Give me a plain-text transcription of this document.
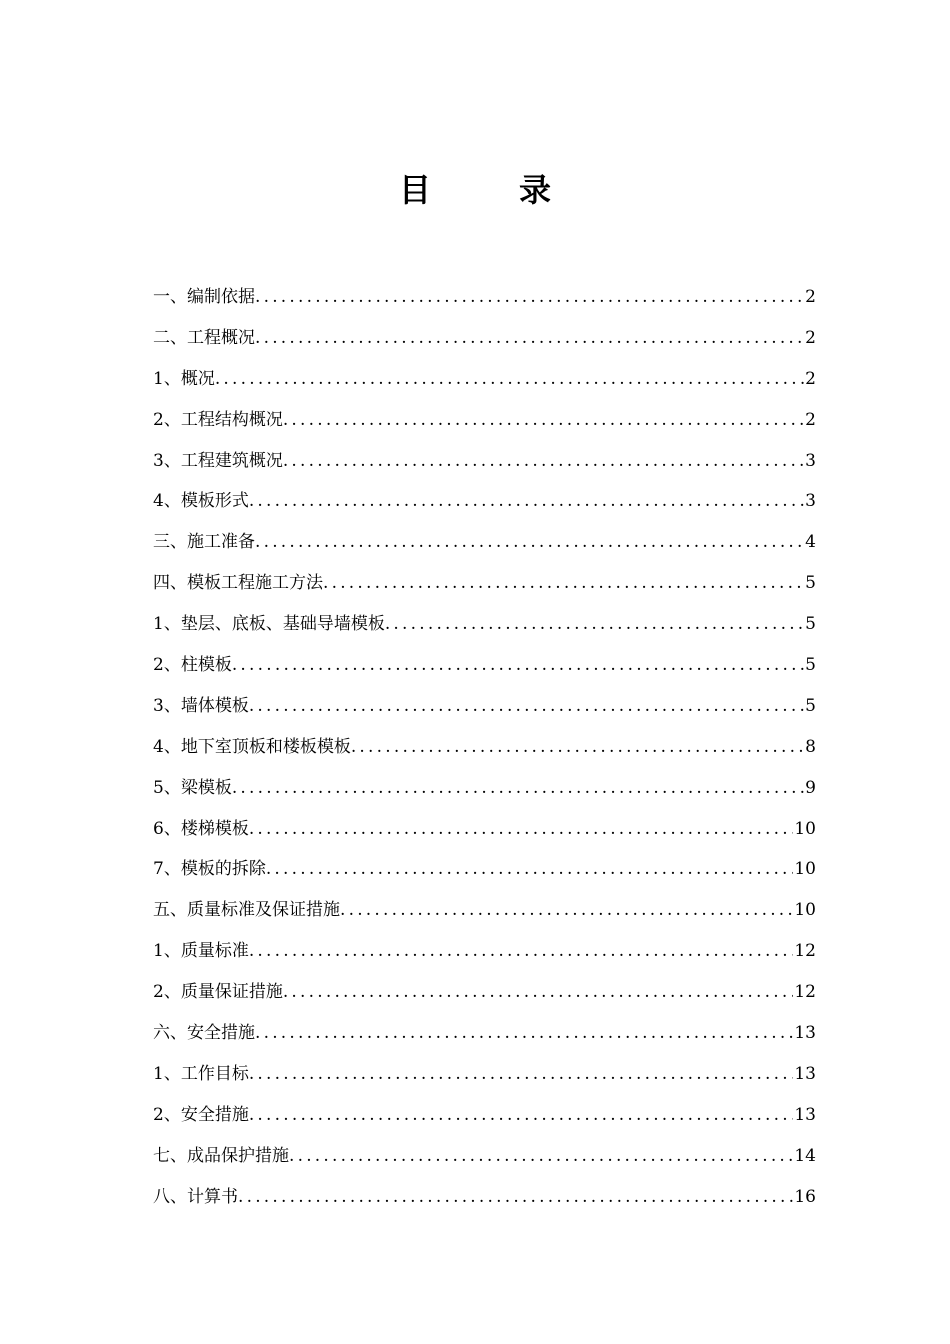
目	录
一、编制依据 .....	2
二、工程概况 .....	2
1、概况 .....	2
2、工程结构概况 .....	2
3、工程建筑概况 .....	3
4、模板形式 .....	3
三、施工准备 .....	4
四、模板工程施工方法 .....	5
1、垫层、底板、基础导墙模板 .....	5
2、柱模板 .....	5
3、墙体模板 .....	5
4、地下室顶板和楼板模板 .....	8
5、梁模板 .....	9
6、楼梯模板 .....	10
7、模板的拆除 .....	10
五、质量标准及保证措施 .....	10
1、质量标准 .....	12
2、质量保证措施 .....	12
六、安全措施 .....	13
1、工作目标 .....	13
2、安全措施 .....	13
七、成品保护措施 .....	14
八、计算书 .....	16
